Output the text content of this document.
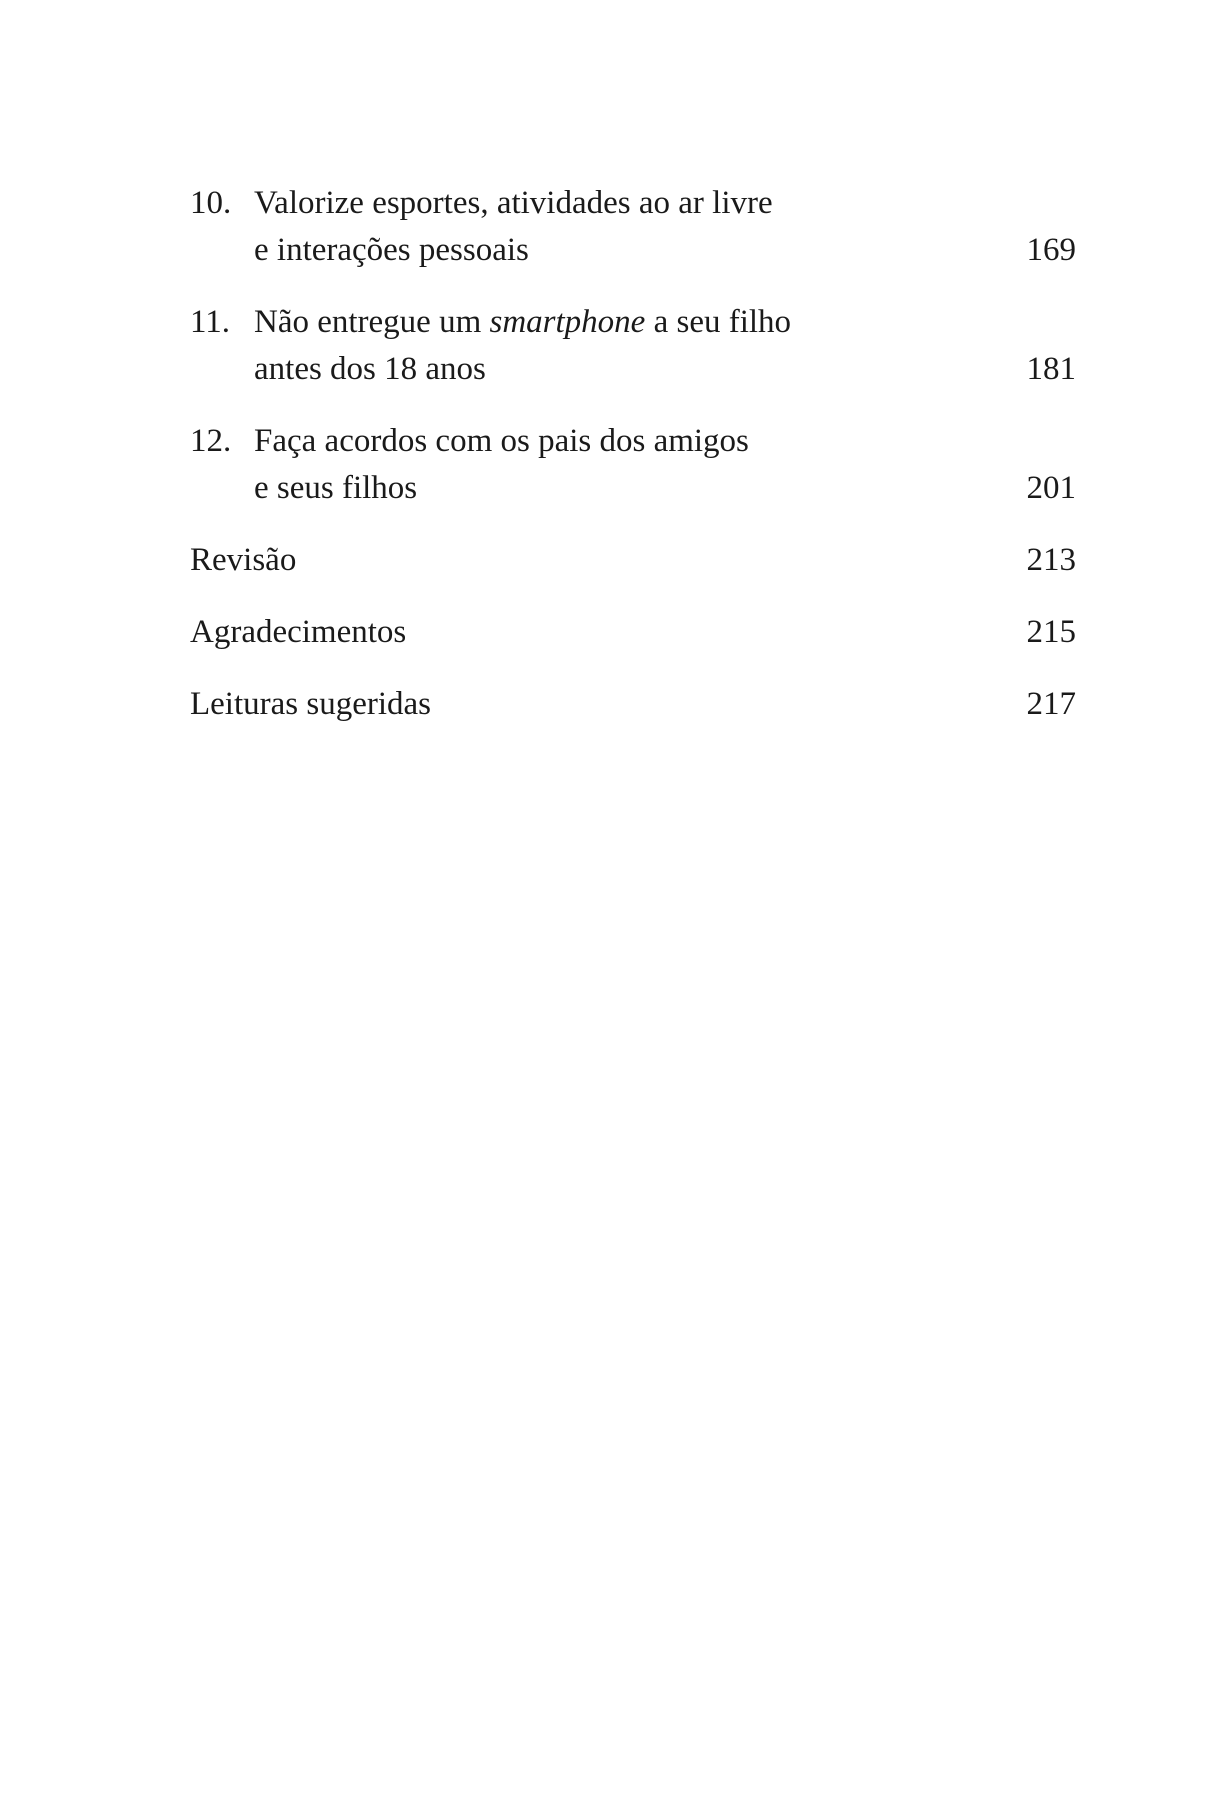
10. Valorize esportes, atividades ao ar livre
e interações pessoais	169
11. Não entregue um smartphone a seu filho
antes dos 18 anos	181
12. Faça acordos com os pais dos amigos
e seus filhos	201
Revisão	213
Agradecimentos	215
Leituras sugeridas	217
